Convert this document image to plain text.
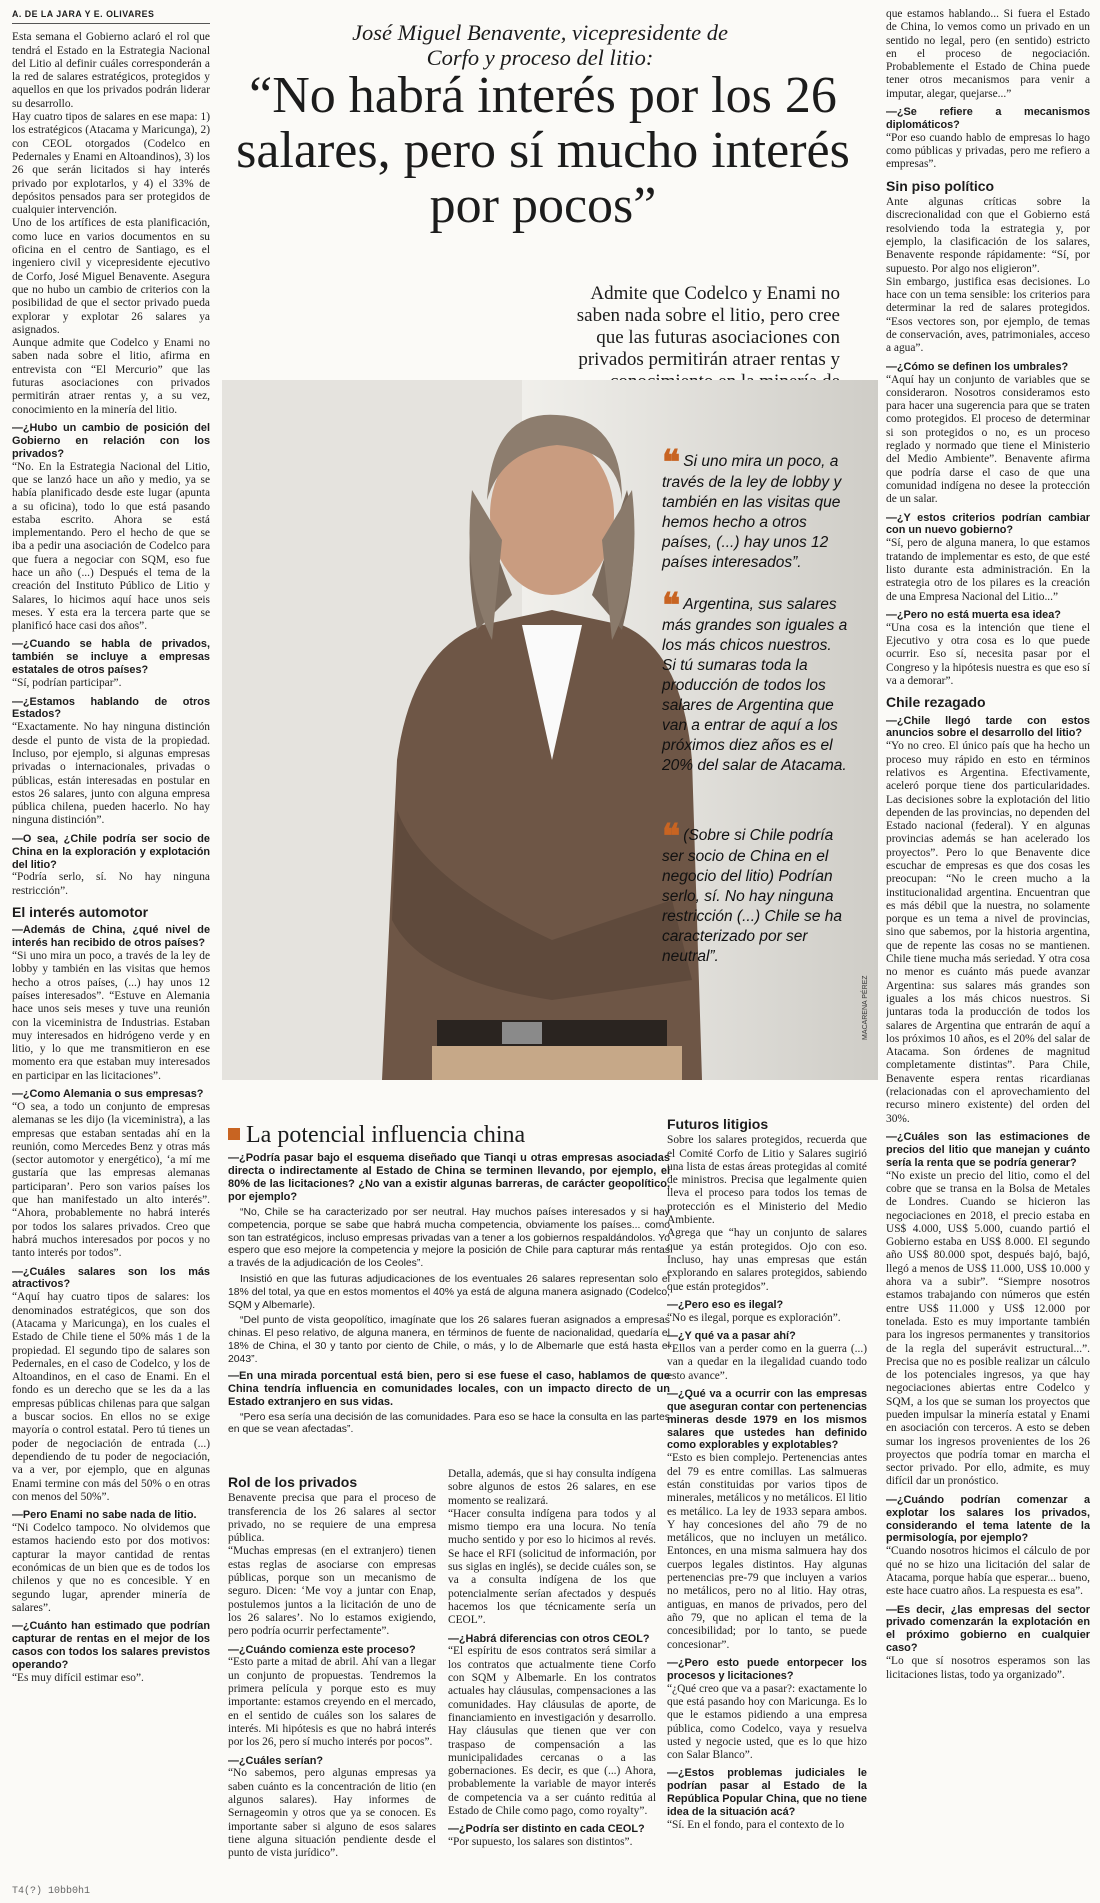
A. DE LA JARA Y E. OLIVARES

Esta semana el Gobierno aclaró el rol que tendrá el Estado en la Estrategia Nacional del Litio al definir cuáles corresponderán a la red de salares estratégicos, protegidos y aquellos en que los privados podrán liderar su desarrollo.

Hay cuatro tipos de salares en ese mapa: 1) los estratégicos (Atacama y Maricunga), 2) con CEOL otorgados (Codelco en Pedernales y Enami en Altoandinos), 3) los 26 que serán licitados si hay interés privado por explotarlos, y 4) el 33% de depósitos pensados para ser protegidos de cualquier intervención.

Uno de los artífices de esta planificación, como luce en varios documentos en su oficina en el centro de Santiago, es el ingeniero civil y vicepresidente ejecutivo de Corfo, José Miguel Benavente. Asegura que no hubo un cambio de criterios con la posibilidad de que el sector privado pueda explorar y explotar 26 salares ya asignados.

Aunque admite que Codelco y Enami no saben nada sobre el litio, afirma en entrevista con “El Mercurio” que las futuras asociaciones con privados permitirán atraer rentas y, a su vez, conocimiento en la minería del litio.

—¿Hubo un cambio de posición del Gobierno en relación con los privados?

“No. En la Estrategia Nacional del Litio, que se lanzó hace un año y medio, ya se había planificado desde este lugar (apunta a su oficina), todo lo que está pasando estaba escrito. Ahora se está implementando. Pero el hecho de que se iba a pedir una asociación de Codelco para que fuera a negociar con SQM, eso fue hace un año (...) Después el tema de la creación del Instituto Público de Litio y Salares, lo hicimos aquí hace unos seis meses. Y esta era la tercera parte que se planificó hace casi dos años”.

—¿Cuando se habla de privados, también se incluye a empresas estatales de otros países?

“Sí, podrían participar”.

—¿Estamos hablando de otros Estados?

“Exactamente. No hay ninguna distinción desde el punto de vista de la propiedad. Incluso, por ejemplo, si algunas empresas privadas o internacionales, privadas o públicas, están interesadas en postular en estos 26 salares, junto con alguna empresa pública chilena, pueden hacerlo. No hay ninguna distinción”.

—O sea, ¿Chile podría ser socio de China en la exploración y explotación del litio?

“Podría serlo, sí. No hay ninguna restricción”.

El interés automotor

—Además de China, ¿qué nivel de interés han recibido de otros países?

“Si uno mira un poco, a través de la ley de lobby y también en las visitas que hemos hecho a otros países, (...) hay unos 12 países interesados”. “Estuve en Alemania hace unos seis meses y tuve una reunión con la viceministra de Industrias. Estaban muy interesados en hidrógeno verde y en litio, y lo que me transmitieron en ese momento era que estaban muy interesados en participar en las licitaciones”.

—¿Como Alemania o sus empresas?

“O sea, a todo un conjunto de empresas alemanas se les dijo (la viceministra), a las empresas que estaban sentadas ahí en la reunión, como Mercedes Benz y otras más (sector automotor y energético), ‘a mí me gustaría que las empresas alemanas participaran’. Pero son varios países los que han manifestado un alto interés”. “Ahora, probablemente no habrá interés por todos los salares privados. Creo que habrá muchos interesados por pocos y no tanto interés por todos”.

—¿Cuáles salares son los más atractivos?

“Aquí hay cuatro tipos de salares: los denominados estratégicos, que son dos (Atacama y Maricunga), en los cuales el Estado de Chile tiene el 50% más 1 de la propiedad. El segundo tipo de salares son Pedernales, en el caso de Codelco, y los de Altoandinos, en el caso de Enami. En el fondo es un derecho que se les da a las empresas públicas chilenas para que salgan a buscar socios. En ellos no se exige mayoría o control estatal. Pero tú tienes un poder de negociación de entrada (...) dependiendo de tu poder de negociación, va a ver, por ejemplo, que en algunas Enami termine con más del 50% o en otras con menos del 50%”.

—Pero Enami no sabe nada de litio.

“Ni Codelco tampoco. No olvidemos que estamos haciendo esto por dos motivos: capturar la mayor cantidad de rentas económicas de un bien que es de todos los chilenos y que no es concesible. Y en segundo lugar, aprender minería de salares”.

—¿Cuánto han estimado que podrían capturar de rentas en el mejor de los casos con todos los salares previstos operando?

“Es muy difícil estimar eso”.

José Miguel Benavente, vicepresidente de Corfo y proceso del litio:
“No habrá interés por los 26 salares, pero sí mucho interés por pocos”
Admite que Codelco y Enami no saben nada sobre el litio, pero cree que las futuras asociaciones con privados permitirán atraer rentas y
MACARENA PÉREZ
❝ Si uno mira un poco, a través de la ley de lobby y también en las visitas que hemos hecho a otros países, (...) hay unos 12 países interesados”.
❝ Argentina, sus salares más grandes son iguales a los más chicos nuestros. Si tú sumaras toda la producción de todos los salares de Argentina que van a entrar de aquí a los próximos diez años es el 20% del salar de Atacama.
❝ (Sobre si Chile podría ser socio de China en el negocio del litio) Podrían serlo, sí. No hay ninguna restricción (...) Chile se ha caracterizado por ser neutral”.
La potencial influencia china

—¿Podría pasar bajo el esquema diseñado que Tianqi u otras empresas asociadas directa o indirectamente al Estado de China se terminen llevando, por ejemplo, el 80% de las licitaciones? ¿No van a existir algunas barreras, de carácter geopolítico, por ejemplo?

“No, Chile se ha caracterizado por ser neutral. Hay muchos países interesados y si hay competencia, porque se sabe que habrá mucha competencia, obviamente los países... como son tan estratégicos, incluso empresas privadas van a tener a los gobiernos respaldándolos. Yo espero que eso mejore la competencia y mejore la posición de Chile para capturar más rentas a través de la adjudicación de los Ceoles”.

Insistió en que las futuras adjudicaciones de los eventuales 26 salares representan solo el 18% del total, ya que en estos momentos el 40% ya está de alguna manera asignado (Codelco, SQM y Albemarle).

“Del punto de vista geopolítico, imagínate que los 26 salares fueran asignados a empresas chinas. El peso relativo, de alguna manera, en términos de fuente de nacionalidad, quedaría el 18% de China, el 30 y tanto por ciento de Chile, o más, y lo de Albemarle que está hasta el 2043”.

—En una mirada porcentual está bien, pero si ese fuese el caso, hablamos de que China tendría influencia en comunidades locales, con un impacto directo de un Estado extranjero en sus vidas.

“Pero esa sería una decisión de las comunidades. Para eso se hace la consulta en las partes en que se vean afectadas”.

Rol de los privados

Benavente precisa que para el proceso de transferencia de los 26 salares al sector privado, no se requiere de una empresa pública.

“Muchas empresas (en el extranjero) tienen estas reglas de asociarse con empresas públicas, porque son un mecanismo de seguro. Dicen: ‘Me voy a juntar con Enap, postulemos juntos a la licitación de uno de los 26 salares’. No lo estamos exigiendo, pero podría ocurrir perfectamente”.

—¿Cuándo comienza este proceso?

“Esto parte a mitad de abril. Ahí van a llegar un conjunto de propuestas. Tendremos la primera película y porque esto es muy importante: estamos creyendo en el mercado, en el sentido de cuáles son los salares de interés. Mi hipótesis es que no habrá interés por los 26, pero sí mucho interés por pocos”.

—¿Cuáles serían?

“No sabemos, pero algunas empresas ya saben cuánto es la concentración de litio (en algunos salares). Hay informes de Sernageomin y otros que ya se conocen. Es importante saber si alguno de esos salares tiene alguna situación pendiente desde el punto de vista jurídico”.

Detalla, además, que si hay consulta indígena sobre algunos de estos 26 salares, en ese momento se realizará.

“Hacer consulta indígena para todos y al mismo tiempo era una locura. No tenía mucho sentido y por eso lo hicimos al revés. Se hace el RFI (solicitud de información, por sus siglas en inglés), se decide cuáles son, se va a consulta indígena de los que potencialmente serían afectados y después hacemos los que técnicamente sería un CEOL”.

—¿Habrá diferencias con otros CEOL?

“El espíritu de esos contratos será similar a los contratos que actualmente tiene Corfo con SQM y Albemarle. En los contratos actuales hay cláusulas, compensaciones a las comunidades. Hay cláusulas de aporte, de financiamiento en investigación y desarrollo. Hay cláusulas que tienen que ver con traspaso de compensación a las municipalidades cercanas o a las gobernaciones. Es decir, es que (...) Ahora, probablemente la variable de mayor interés de competencia va a ser cuánto reditúa al Estado de Chile como pago, como royalty”.

—¿Podría ser distinto en cada CEOL?

“Por supuesto, los salares son distintos”.

Futuros litigios

Sobre los salares protegidos, recuerda que el Comité Corfo de Litio y Salares sugirió una lista de estas áreas protegidas al comité de ministros. Precisa que legalmente quien lleva el proceso para todos los temas de protección es el Ministerio del Medio Ambiente.

Agrega que “hay un conjunto de salares que ya están protegidos. Ojo con eso. Incluso, hay unas empresas que están explorando en salares protegidos, sabiendo que están protegidos”.

—¿Pero eso es ilegal?

“No es ilegal, porque es exploración”.

—¿Y qué va a pasar ahí?

“Ellos van a perder como en la guerra (...) van a quedar en la ilegalidad cuando todo esto avance”.

—¿Qué va a ocurrir con las empresas que aseguran contar con pertenencias mineras desde 1979 en los mismos salares que ustedes han definido como explorables y explotables?

“Esto es bien complejo. Pertenencias antes del 79 es entre comillas. Las salmueras están constituidas por varios tipos de minerales, metálicos y no metálicos. El litio es metálico. La ley de 1933 separa ambos. Y hay concesiones del año 79 de no metálicos, que no incluyen un metálico. Entonces, en una misma salmuera hay dos cuerpos legales distintos. Hay algunas pertenencias pre-79 que incluyen a varios no metálicos, pero no al litio. Hay otras, antiguas, en manos de privados, pero del año 79, que no aplican el tema de la concesibilidad; por lo tanto, se puede concesionar”.

—¿Pero esto puede entorpecer los procesos y licitaciones?

“¿Qué creo que va a pasar?: exactamente lo que está pasando hoy con Maricunga. Es lo que le estamos pidiendo a una empresa pública, como Codelco, vaya y resuelva usted y negocie usted, que es lo que hizo con Salar Blanco”.

—¿Estos problemas judiciales le podrían pasar al Estado de la República Popular China, que no tiene idea de la situación acá?

“Sí. En el fondo, para el contexto de lo

que estamos hablando... Si fuera el Estado de China, lo vemos como un privado en un sentido no legal, pero (en sentido) estricto en el proceso de negociación. Probablemente el Estado de China puede tener otros mecanismos para venir a imputar, alegar, quejarse...”

—¿Se refiere a mecanismos diplomáticos?

“Por eso cuando hablo de empresas lo hago como públicas y privadas, pero me refiero a empresas”.

Sin piso político

Ante algunas críticas sobre la discrecionalidad con que el Gobierno está resolviendo toda la estrategia y, por ejemplo, la clasificación de los salares, Benavente responde rápidamente: “Sí, por supuesto. Por algo nos eligieron”.

Sin embargo, justifica esas decisiones. Lo hace con un tema sensible: los criterios para determinar la red de salares protegidos. “Esos vectores son, por ejemplo, de temas de conservación, aves, patrimoniales, acceso a agua”.

—¿Cómo se definen los umbrales?

“Aquí hay un conjunto de variables que se consideraron. Nosotros consideramos esto para hacer una sugerencia para que se traten como protegidos. El proceso de determinar si son protegidos o no, es un proceso reglado y normado que tiene el Ministerio del Medio Ambiente”. Benavente afirma que podría darse el caso de que una comunidad indígena no desee la protección de un salar.

—¿Y estos criterios podrían cambiar con un nuevo gobierno?

“Sí, pero de alguna manera, lo que estamos tratando de implementar es esto, de que esté listo durante esta administración. En la estrategia otro de los pilares es la creación de una Empresa Nacional del Litio...”

—¿Pero no está muerta esa idea?

“Una cosa es la intención que tiene el Ejecutivo y otra cosa es lo que puede ocurrir. Eso sí, necesita pasar por el Congreso y la hipótesis nuestra es que eso sí va a demorar”.

Chile rezagado

—¿Chile llegó tarde con estos anuncios sobre el desarrollo del litio?

“Yo no creo. El único país que ha hecho un proceso muy rápido en esto en términos relativos es Argentina. Efectivamente, aceleró porque tiene dos particularidades. Las decisiones sobre la explotación del litio dependen de las provincias, no dependen del Estado nacional (federal). Y en algunas provincias además se han acelerado los proyectos”. Pero lo que Benavente dice escuchar de empresas es que dos cosas les preocupan: “No le creen mucho a la institucionalidad argentina. Encuentran que es más débil que la nuestra, no solamente porque es un tema a nivel de provincias, sino que sabemos, por la historia argentina, que de repente las cosas no se mantienen. Chile tiene mucha más seriedad. Y otra cosa no menor es cuánto más puede avanzar Argentina: sus salares más grandes son iguales a los más chicos nuestros. Si juntaras toda la producción de todos los salares de Argentina que entrarán de aquí a los próximos 10 años, es el 20% del salar de Atacama. Son órdenes de magnitud completamente distintas”. Para Chile, Benavente espera rentas ricardianas (relacionadas con el aprovechamiento del recurso minero existente) del orden del 30%.

—¿Cuáles son las estimaciones de precios del litio que manejan y cuánto sería la renta que se podría generar?

“No existe un precio del litio, como el del cobre que se transa en la Bolsa de Metales de Londres. Cuando se hicieron las negociaciones en 2018, el precio estaba en US$ 4.000, US$ 5.000, cuando partió el Gobierno estaba en US$ 8.000. El segundo año US$ 80.000 spot, después bajó, bajó, llegó a menos de US$ 11.000, US$ 10.000 y ahora va a subir”. “Siempre nosotros estamos trabajando con números que estén entre US$ 11.000 y US$ 12.000 por tonelada. Esto es muy importante también para los ingresos permanentes y transitorios de la regla del superávit estructural...”. Precisa que no es posible realizar un cálculo de los potenciales ingresos, ya que hay negociaciones abiertas entre Codelco y SQM, a los que se suman los proyectos que pueden impulsar la minería estatal y Enami en asociación con terceros. A esto se deben sumar los ingresos provenientes de los 26 proyectos que podría tomar en marcha el sector privado. Por ello, admite, es muy difícil dar un pronóstico.

—¿Cuándo podrían comenzar a explotar los salares los privados, considerando el tema latente de la permisología, por ejemplo?

“Cuando nosotros hicimos el cálculo de por qué no se hizo una licitación del salar de Atacama, porque había que esperar... bueno, este hace cuatro años. La respuesta es esa”.

—Es decir, ¿las empresas del sector privado comenzarán la explotación en el próximo gobierno en cualquier caso?

“Lo que sí nosotros esperamos son las licitaciones listas, todo ya organizado”.

T4(?) 10bb0h1
